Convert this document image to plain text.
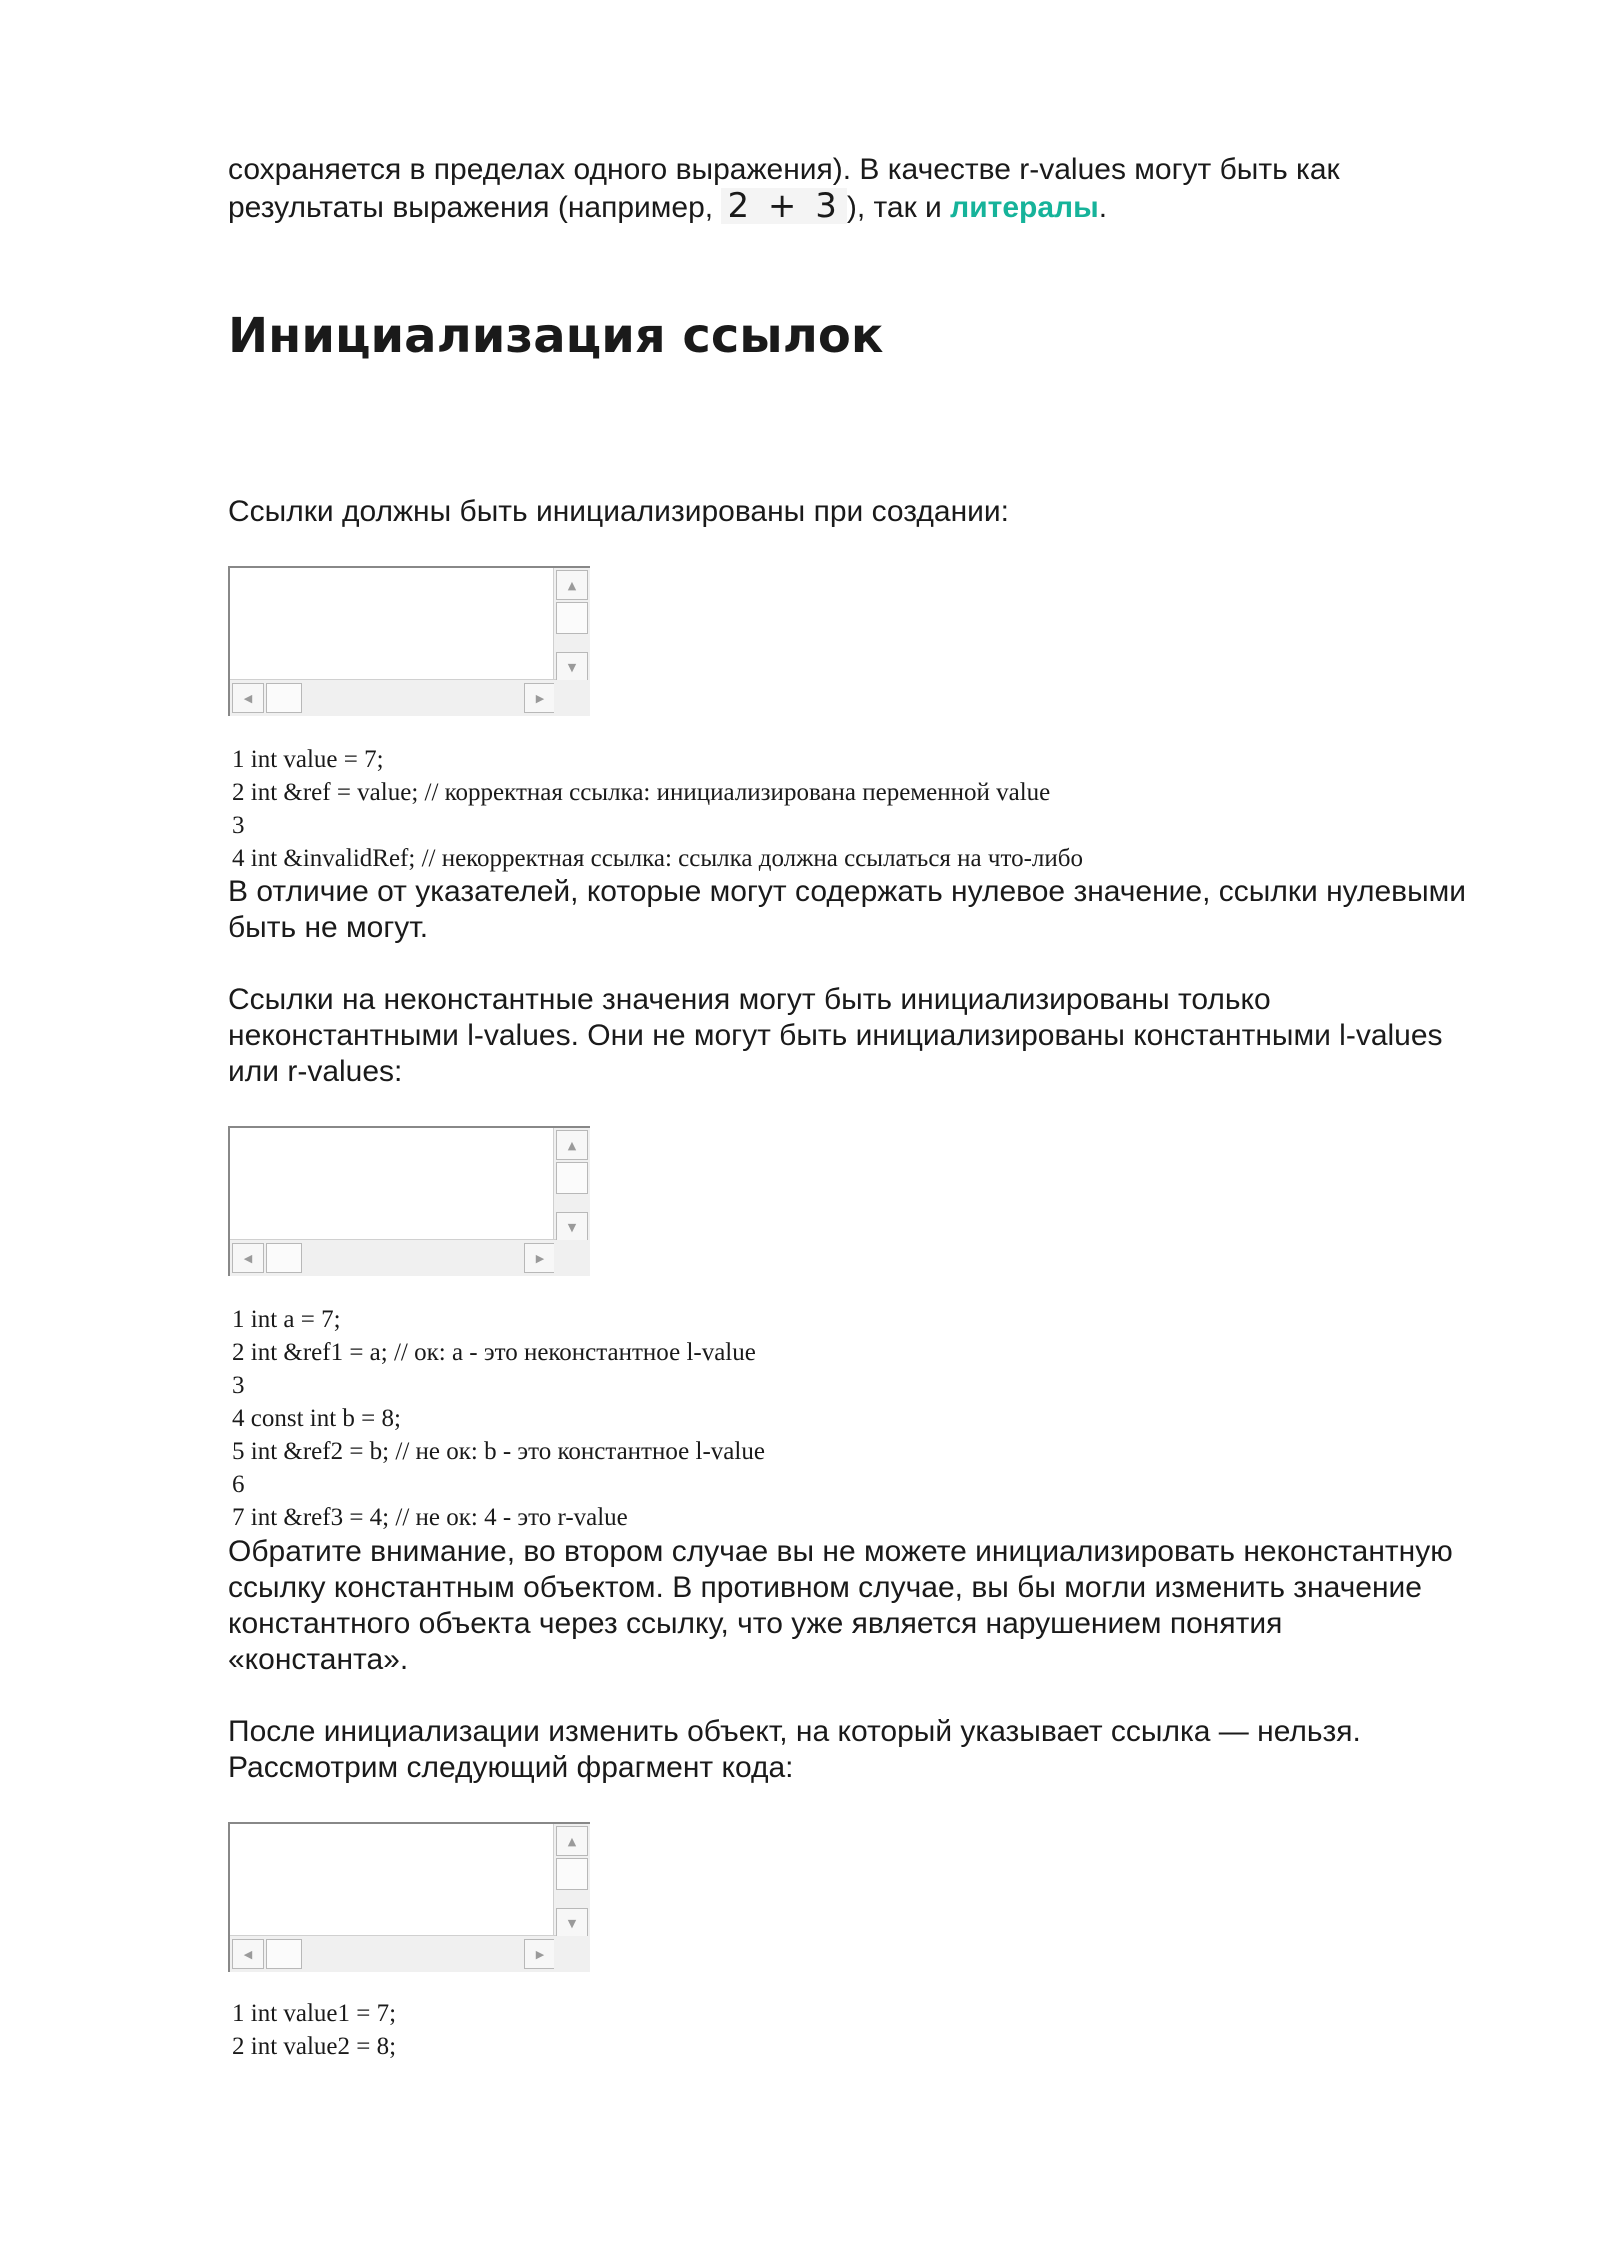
сохраняется в пределах одного выражения). В качестве r-values могут быть как
результаты выражения (например, 2 + 3 ), так и литералы.
Инициализация ссылок
Ссылки должны быть инициализированы при создании:
▲
▼
◀	▶
1 int value = 7;
2 int &ref = value; // корректная ссылка: инициализирована переменной value
3
4 int &invalidRef; // некорректная ссылка: ссылка должна ссылаться на что-либо
В отличие от указателей, которые могут содержать нулевое значение, ссылки нулевыми быть не могут.
Ссылки на неконстантные значения могут быть инициализированы только неконстантными l-values. Они не могут быть инициализированы константными l-values или r-values:
▲
▼
◀	▶
1 int a = 7;
2 int &ref1 = a; // ок: a - это неконстантное l-value
3
4 const int b = 8;
5 int &ref2 = b; // не ок: b - это константное l-value
6
7 int &ref3 = 4; // не ок: 4 - это r-value
Обратите внимание, во втором случае вы не можете инициализировать неконстантную ссылку константным объектом. В противном случае, вы бы могли изменить значение константного объекта через ссылку, что уже является нарушением понятия «константа».
После инициализации изменить объект, на который указывает ссылка — нельзя. Рассмотрим следующий фрагмент кода:
▲
▼
◀	▶
1 int value1 = 7;
2 int value2 = 8;
